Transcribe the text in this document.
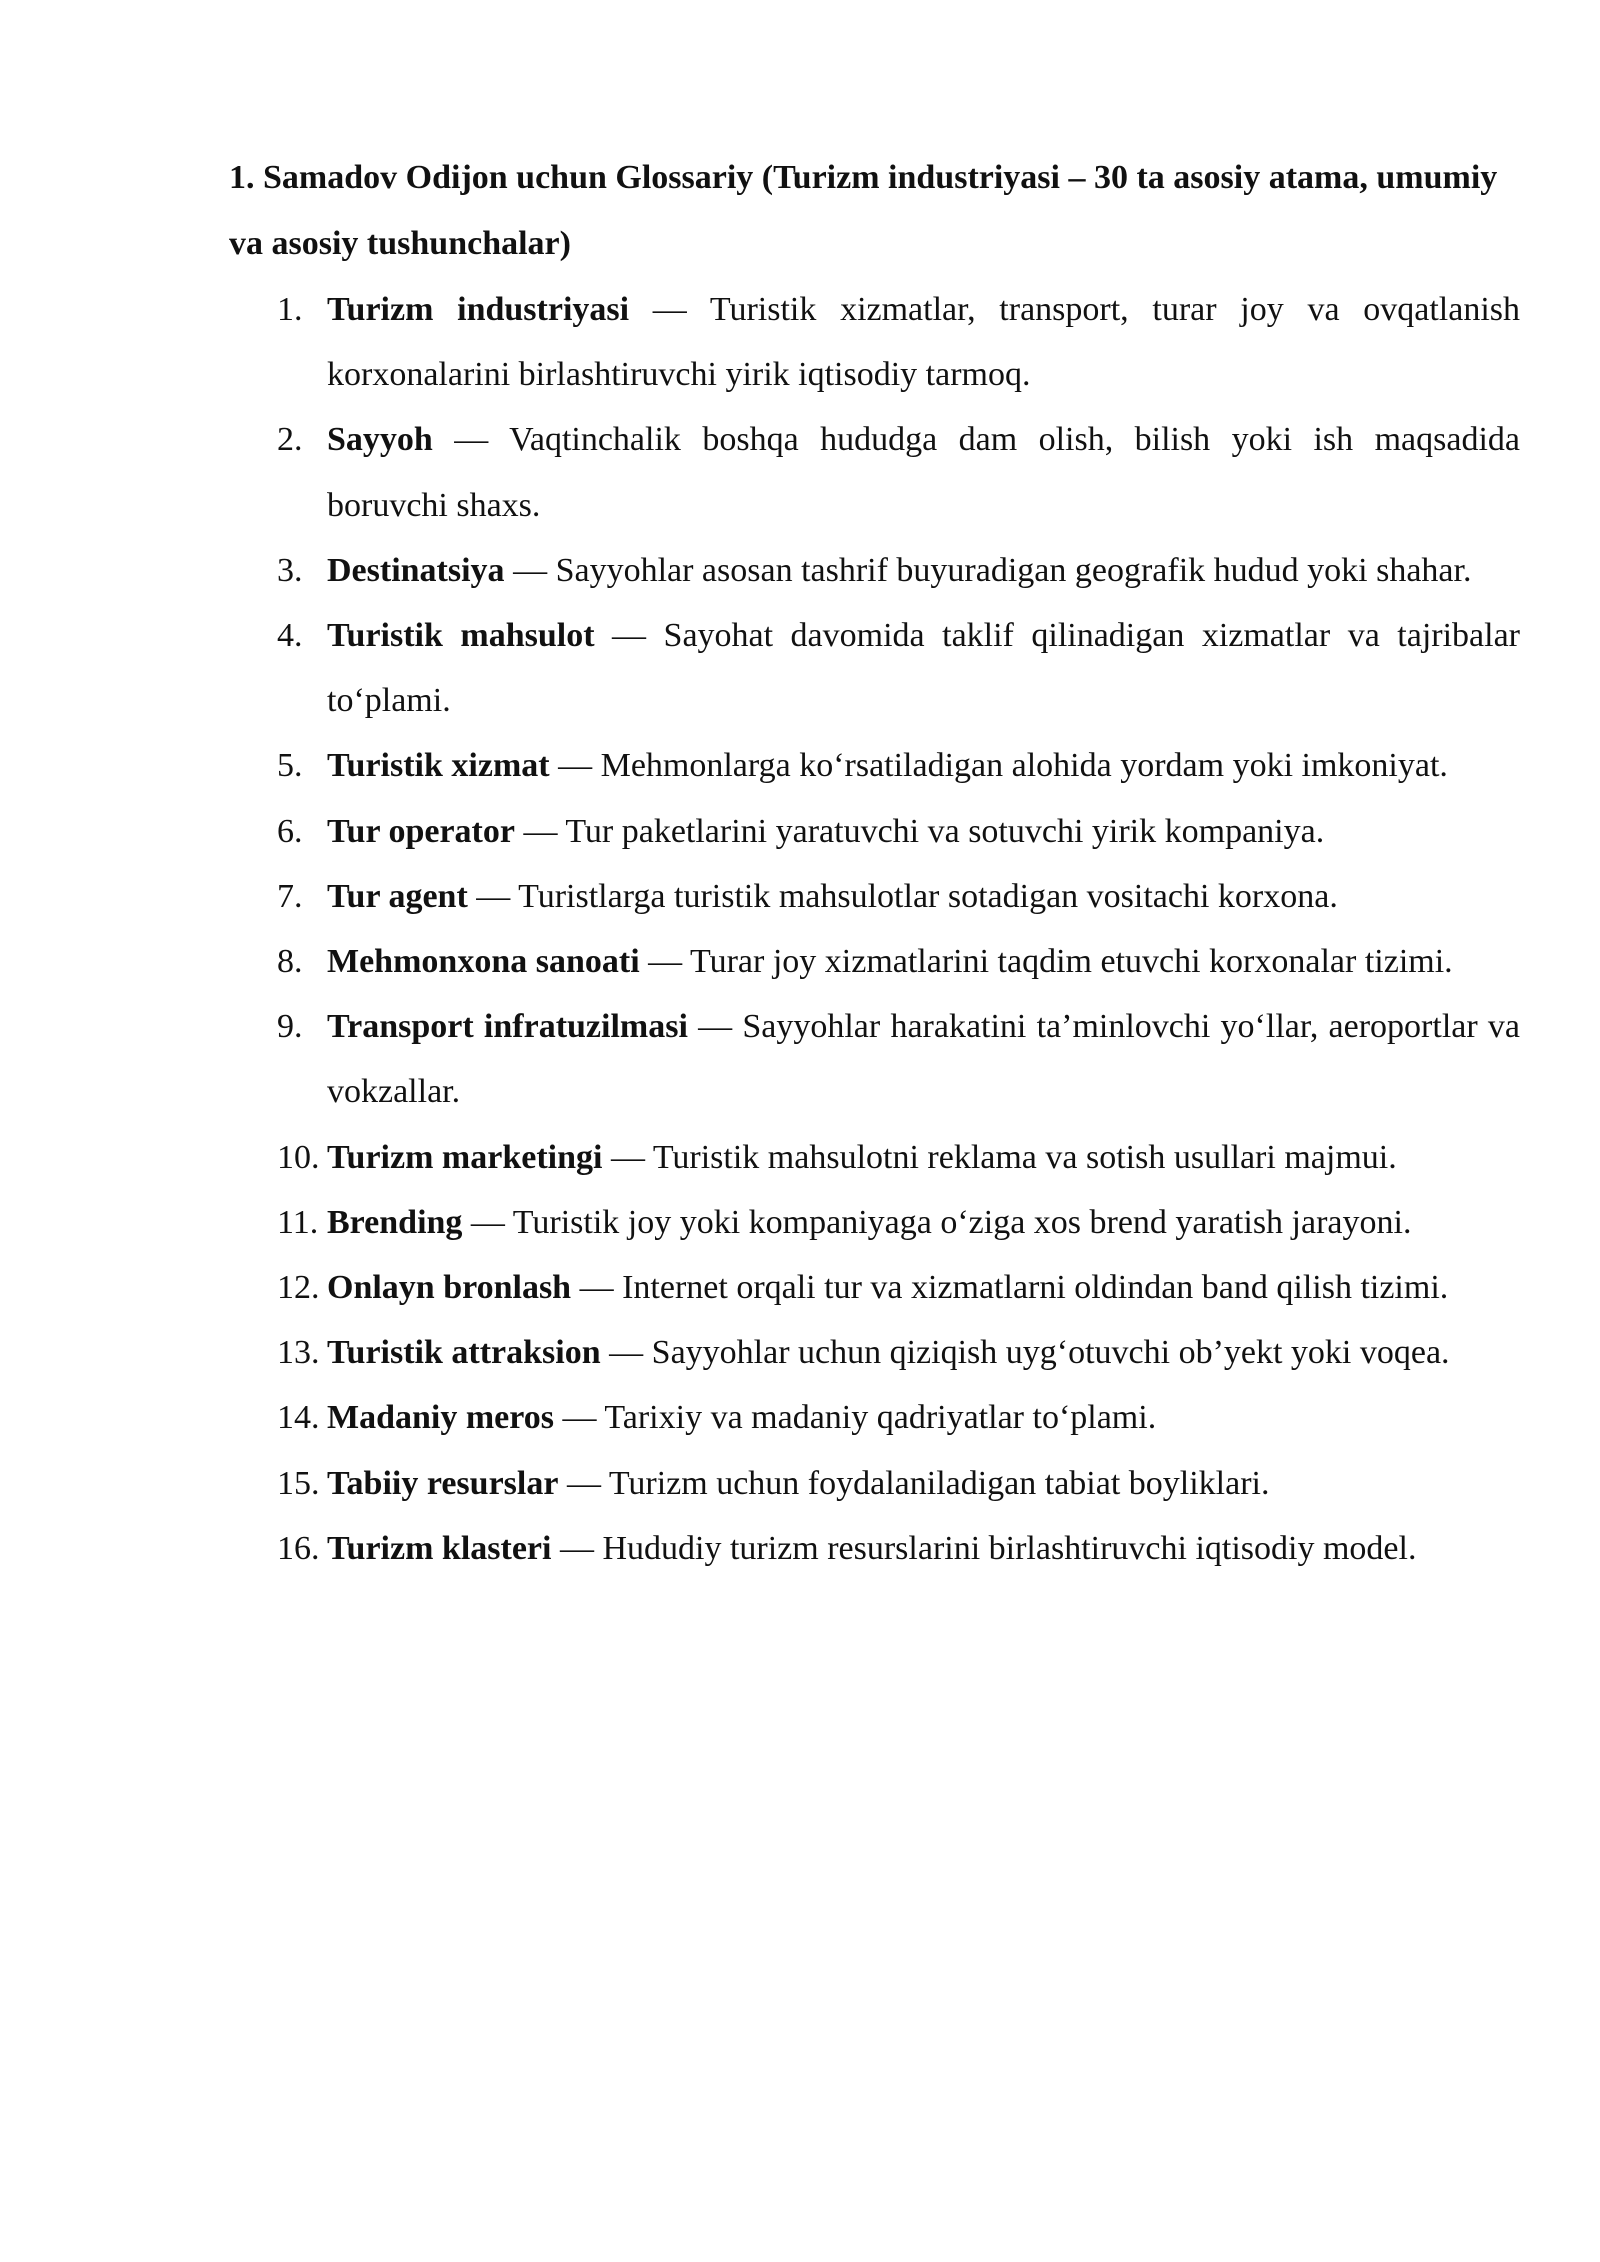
1. Samadov Odijon uchun Glossariy (Turizm industriyasi – 30 ta asosiy atama, umumiy va asosiy tushunchalar)
1. Turizm industriyasi — Turistik xizmatlar, transport, turar joy va ovqatlanish korxonalarini birlashtiruvchi yirik iqtisodiy tarmoq.
2. Sayyoh — Vaqtinchalik boshqa hududga dam olish, bilish yoki ish maqsadida boruvchi shaxs.
3. Destinatsiya — Sayyohlar asosan tashrif buyuradigan geografik hudud yoki shahar.
4. Turistik mahsulot — Sayohat davomida taklif qilinadigan xizmatlar va tajribalar to‘plami.
5. Turistik xizmat — Mehmonlarga ko‘rsatiladigan alohida yordam yoki imkoniyat.
6. Tur operator — Tur paketlarini yaratuvchi va sotuvchi yirik kompaniya.
7. Tur agent — Turistlarga turistik mahsulotlar sotadigan vositachi korxona.
8. Mehmonxona sanoati — Turar joy xizmatlarini taqdim etuvchi korxonalar tizimi.
9. Transport infratuzilmasi — Sayyohlar harakatini ta’minlovchi yo‘llar, aeroportlar va vokzallar.
10. Turizm marketingi — Turistik mahsulotni reklama va sotish usullari majmui.
11. Brending — Turistik joy yoki kompaniyaga o‘ziga xos brend yaratish jarayoni.
12. Onlayn bronlash — Internet orqali tur va xizmatlarni oldindan band qilish tizimi.
13. Turistik attraksion — Sayyohlar uchun qiziqish uyg‘otuvchi ob’yekt yoki voqea.
14. Madaniy meros — Tarixiy va madaniy qadriyatlar to‘plami.
15. Tabiiy resurslar — Turizm uchun foydalaniladigan tabiat boyliklari.
16. Turizm klasteri — Hududiy turizm resurslarini birlashtiruvchi iqtisodiy model.
